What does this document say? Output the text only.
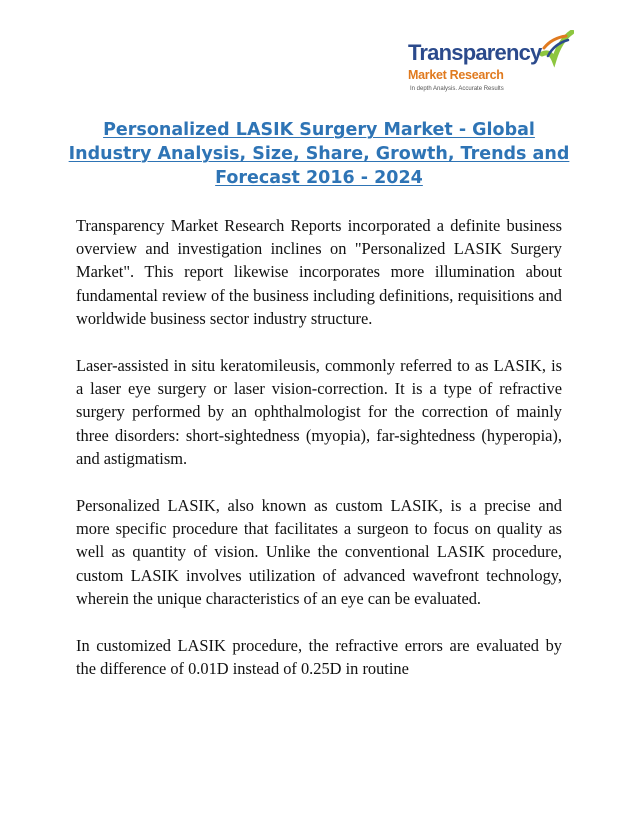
Transparency
Market Research
In depth Analysis. Accurate Results
Personalized LASIK Surgery Market - Global Industry Analysis, Size, Share, Growth, Trends and Forecast 2016 - 2024

Transparency Market Research Reports incorporated a definite business overview and investigation inclines on "Personalized LASIK Surgery Market". This report likewise incorporates more illumination about fundamental review of the business including definitions, requisitions and worldwide business sector industry structure.

Laser-assisted in situ keratomileusis, commonly referred to as LASIK, is a laser eye surgery or laser vision-correction. It is a type of refractive surgery performed by an ophthalmologist for the correction of mainly three disorders: short-sightedness (myopia), far-sightedness (hyperopia), and astigmatism.

Personalized LASIK, also known as custom LASIK, is a precise and more specific procedure that facilitates a surgeon to focus on quality as well as quantity of vision. Unlike the conventional LASIK procedure, custom LASIK involves utilization of advanced wavefront technology, wherein the unique characteristics of an eye can be evaluated.

In customized LASIK procedure, the refractive errors are evaluated by the difference of 0.01D instead of 0.25D in routine
